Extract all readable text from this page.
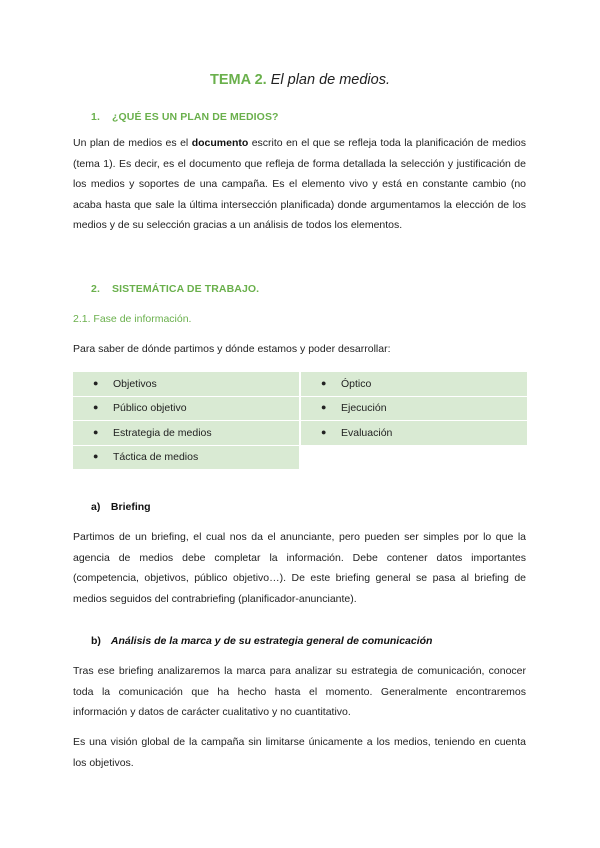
TEMA 2. El plan de medios.
1. ¿QUÉ ES UN PLAN DE MEDIOS?

Un plan de medios es el documento escrito en el que se refleja toda la planificación de medios (tema 1). Es decir, es el documento que refleja de forma detallada la selección y justificación de los medios y soportes de una campaña. Es el elemento vivo y está en constante cambio (no acaba hasta que sale la última intersección planificada) donde argumentamos la elección de los medios y de su selección gracias a un análisis de todos los elementos.

2. SISTEMÁTICA DE TRABAJO.
2.1. Fase de información.
Para saber de dónde partimos y dónde estamos y poder desarrollar:
● Objetivos	● Óptico
● Público objetivo	● Ejecución
● Estrategia de medios	● Evaluación
● Táctica de medios	
a) Briefing

Partimos de un briefing, el cual nos da el anunciante, pero pueden ser simples por lo que la agencia de medios debe completar la información. Debe contener datos importantes (competencia, objetivos, público objetivo…). De este briefing general se pasa al briefing de medios seguidos del contrabriefing (planificador-anunciante).

b) Análisis de la marca y de su estrategia general de comunicación

Tras ese briefing analizaremos la marca para analizar su estrategia de comunicación, conocer toda la comunicación que ha hecho hasta el momento. Generalmente encontraremos información y datos de carácter cualitativo y no cuantitativo.

Es una visión global de la campaña sin limitarse únicamente a los medios, teniendo en cuenta los objetivos.
